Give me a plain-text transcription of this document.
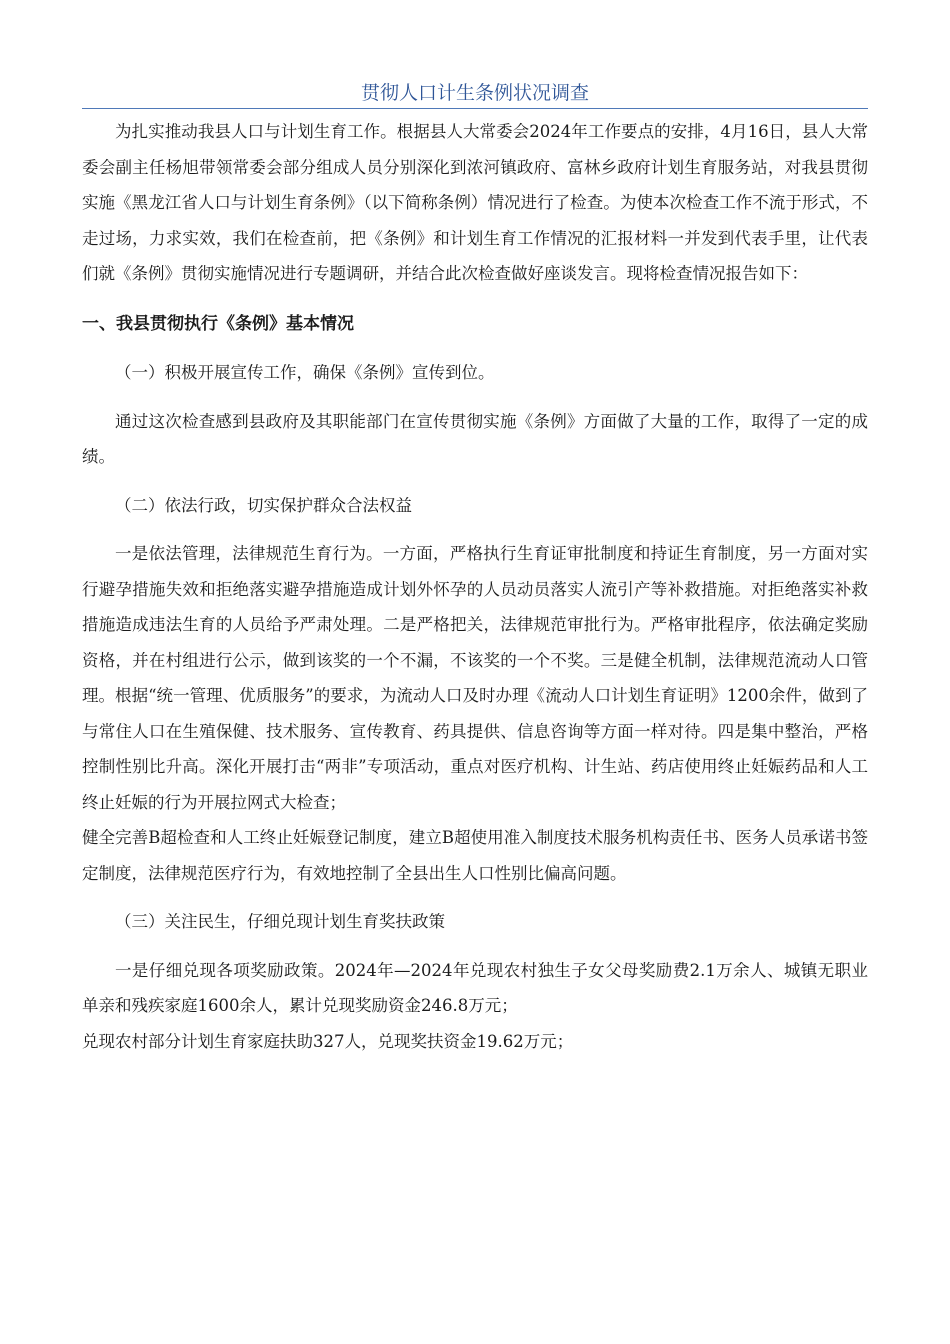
贯彻人口计生条例状况调查

为扎实推动我县人口与计划生育工作。根据县人大常委会2024年工作要点的安排，4月16日，县人大常委会副主任杨旭带领常委会部分组成人员分别深化到浓河镇政府、富林乡政府计划生育服务站，对我县贯彻实施《黑龙江省人口与计划生育条例》（以下简称条例）情况进行了检查。为使本次检查工作不流于形式，不走过场，力求实效，我们在检查前，把《条例》和计划生育工作情况的汇报材料一并发到代表手里，让代表们就《条例》贯彻实施情况进行专题调研，并结合此次检查做好座谈发言。现将检查情况报告如下：

一、我县贯彻执行《条例》基本情况

（一）积极开展宣传工作，确保《条例》宣传到位。

通过这次检查感到县政府及其职能部门在宣传贯彻实施《条例》方面做了大量的工作，取得了一定的成绩。

（二）依法行政，切实保护群众合法权益

一是依法管理，法律规范生育行为。一方面，严格执行生育证审批制度和持证生育制度，另一方面对实行避孕措施失效和拒绝落实避孕措施造成计划外怀孕的人员动员落实人流引产等补救措施。对拒绝落实补救措施造成违法生育的人员给予严肃处理。二是严格把关，法律规范审批行为。严格审批程序，依法确定奖励资格，并在村组进行公示，做到该奖的一个不漏，不该奖的一个不奖。三是健全机制，法律规范流动人口管理。根据“统一管理、优质服务”的要求，为流动人口及时办理《流动人口计划生育证明》1200余件，做到了与常住人口在生殖保健、技术服务、宣传教育、药具提供、信息咨询等方面一样对待。四是集中整治，严格控制性别比升高。深化开展打击“两非”专项活动，重点对医疗机构、计生站、药店使用终止妊娠药品和人工终止妊娠的行为开展拉网式大检查；

健全完善B超检查和人工终止妊娠登记制度，建立B超使用准入制度技术服务机构责任书、医务人员承诺书签定制度，法律规范医疗行为，有效地控制了全县出生人口性别比偏高问题。

（三）关注民生，仔细兑现计划生育奖扶政策

一是仔细兑现各项奖励政策。2024年—2024年兑现农村独生子女父母奖励费2.1万余人、城镇无职业单亲和残疾家庭1600余人，累计兑现奖励资金246.8万元；

兑现农村部分计划生育家庭扶助327人，兑现奖扶资金19.62万元；
